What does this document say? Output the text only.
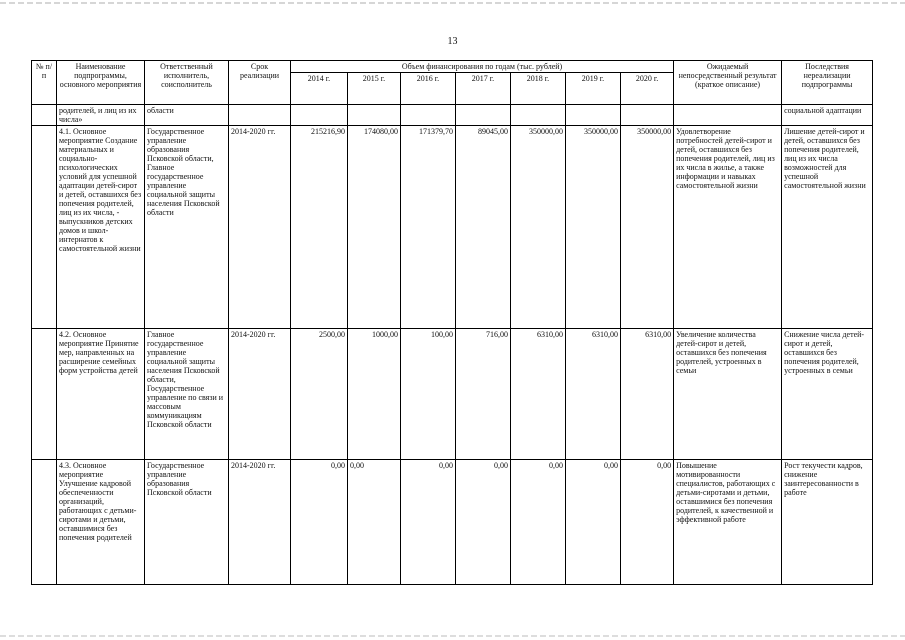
13
№ п/п	Наименование подпрограммы, основного мероприятия	Ответственный исполнитель, соисполнитель	Срок реализации	Объем финансирования по годам (тыс. рублей)							Ожидаемый непосредственный результат (краткое описание)	Последствия нереализации подпрограммы
				2014 г.	2015 г.	2016 г.	2017 г.	2018 г.	2019 г.	2020 г.		
	родителей, и лиц из их числа»	области										социальной адаптации
	4.1. Основное мероприятие Создание материальных и социально-психологических условий для успешной адаптации детей-сирот и детей, оставшихся без попечения родителей, лиц из их числа, - выпускников детских домов и школ-интернатов к самостоятельной жизни	Государственное управление образования Псковской области, Главное государственное управление социальной защиты населения Псковской области	2014-2020 гг.	215216,90	174080,00	171379,70	89045,00	350000,00	350000,00	350000,00	Удовлетворение потребностей детей-сирот и детей, оставшихся без попечения родителей, лиц из их числа в жилье, а также информации и навыках самостоятельной жизни	Лишение детей-сирот и детей, оставшихся без попечения родителей, лиц из их числа возможностей для успешной самостоятельной жизни
	4.2. Основное мероприятие Принятие мер, направленных на расширение семейных форм устройства детей	Главное государственное управление социальной защиты населения Псковской области, Государственное управление по связи и массовым коммуникациям Псковской области	2014-2020 гг.	2500,00	1000,00	100,00	716,00	6310,00	6310,00	6310,00	Увеличение количества детей-сирот и детей, оставшихся без попечения родителей, устроенных в семьи	Снижение числа детей-сирот и детей, оставшихся без попечения родителей, устроенных в семьи
	4.3. Основное мероприятие Улучшение кадровой обеспеченности организаций, работающих с детьми-сиротами и детьми, оставшимися без попечения родителей	Государственное управление образования Псковской области	2014-2020 гг.	0,00	0,00	0,00	0,00	0,00	0,00	0,00	Повышение мотивированности специалистов, работающих с детьми-сиротами и детьми, оставшимися без попечения родителей, к качественной и эффективной работе	Рост текучести кадров, снижение заинтересованности в работе
